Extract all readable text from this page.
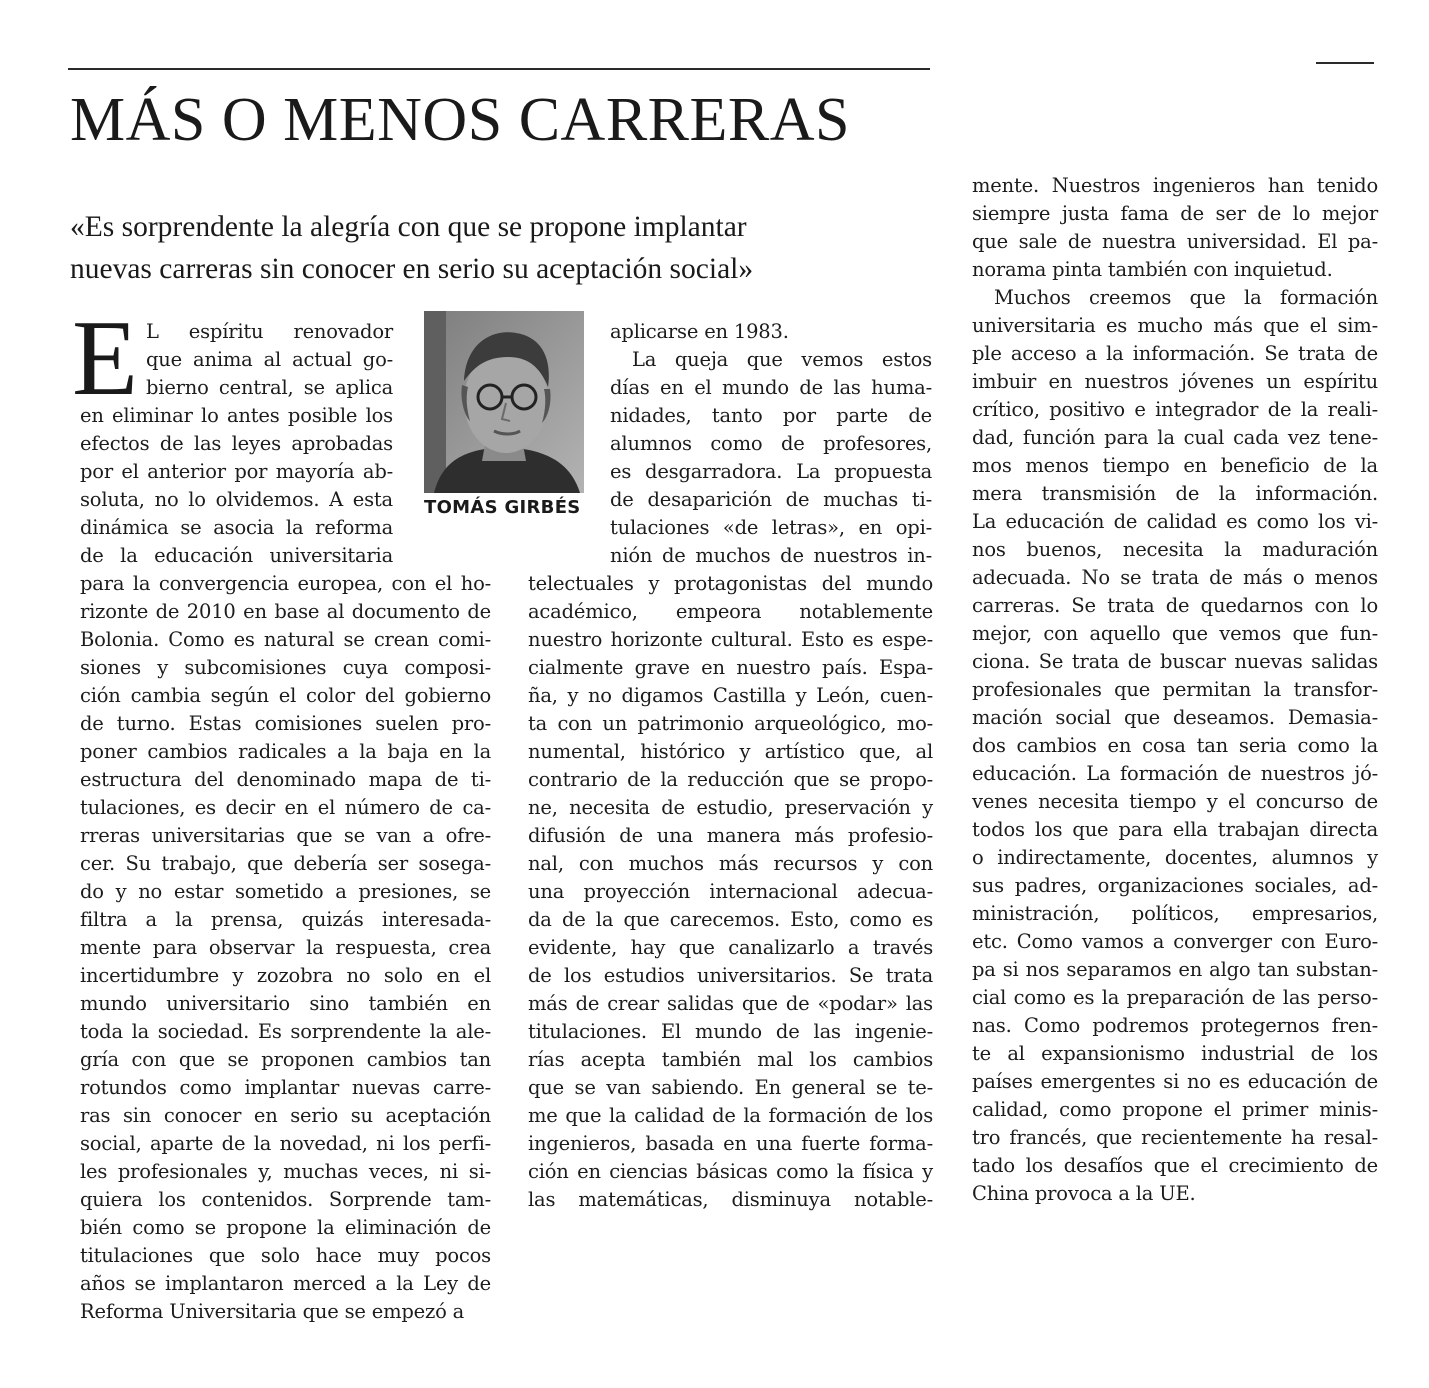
MÁS O MENOS CARRERAS
«Es sorprendente la alegría con que se propone implantar
nuevas carreras sin conocer en serio su aceptación social»
E L espíritu renovador
que anima al actual go-
bierno central, se aplica
en eliminar lo antes posible los
efectos de las leyes aprobadas
por el anterior por mayoría ab-
soluta, no lo olvidemos. A esta
dinámica se asocia la reforma
de la educación universitaria
para la convergencia europea, con el ho-
rizonte de 2010 en base al documento de
Bolonia. Como es natural se crean comi-
siones y subcomisiones cuya composi-
ción cambia según el color del gobierno
de turno. Estas comisiones suelen pro-
poner cambios radicales a la baja en la
estructura del denominado mapa de ti-
tulaciones, es decir en el número de ca-
rreras universitarias que se van a ofre-
cer. Su trabajo, que debería ser sosega-
do y no estar sometido a presiones, se
filtra a la prensa, quizás interesada-
mente para observar la respuesta, crea
incertidumbre y zozobra no solo en el
mundo universitario sino también en
toda la sociedad. Es sorprendente la ale-
gría con que se proponen cambios tan
rotundos como implantar nuevas carre-
ras sin conocer en serio su aceptación
social, aparte de la novedad, ni los perfi-
les profesionales y, muchas veces, ni si-
quiera los contenidos. Sorprende tam-
bién como se propone la eliminación de
titulaciones que solo hace muy pocos
años se implantaron merced a la Ley de
Reforma Universitaria que se empezó a
TOMÁS GIRBÉS
aplicarse en 1983.
La queja que vemos estos
días en el mundo de las huma-
nidades, tanto por parte de
alumnos como de profesores,
es desgarradora. La propuesta
de desaparición de muchas ti-
tulaciones «de letras», en opi-
nión de muchos de nuestros in-
telectuales y protagonistas del mundo
académico, empeora notablemente
nuestro horizonte cultural. Esto es espe-
cialmente grave en nuestro país. Espa-
ña, y no digamos Castilla y León, cuen-
ta con un patrimonio arqueológico, mo-
numental, histórico y artístico que, al
contrario de la reducción que se propo-
ne, necesita de estudio, preservación y
difusión de una manera más profesio-
nal, con muchos más recursos y con
una proyección internacional adecua-
da de la que carecemos. Esto, como es
evidente, hay que canalizarlo a través
de los estudios universitarios. Se trata
más de crear salidas que de «podar» las
titulaciones. El mundo de las ingenie-
rías acepta también mal los cambios
que se van sabiendo. En general se te-
me que la calidad de la formación de los
ingenieros, basada en una fuerte forma-
ción en ciencias básicas como la física y
las matemáticas, disminuya notable-
mente. Nuestros ingenieros han tenido
siempre justa fama de ser de lo mejor
que sale de nuestra universidad. El pa-
norama pinta también con inquietud.
Muchos creemos que la formación
universitaria es mucho más que el sim-
ple acceso a la información. Se trata de
imbuir en nuestros jóvenes un espíritu
crítico, positivo e integrador de la reali-
dad, función para la cual cada vez tene-
mos menos tiempo en beneficio de la
mera transmisión de la información.
La educación de calidad es como los vi-
nos buenos, necesita la maduración
adecuada. No se trata de más o menos
carreras. Se trata de quedarnos con lo
mejor, con aquello que vemos que fun-
ciona. Se trata de buscar nuevas salidas
profesionales que permitan la transfor-
mación social que deseamos. Demasia-
dos cambios en cosa tan seria como la
educación. La formación de nuestros jó-
venes necesita tiempo y el concurso de
todos los que para ella trabajan directa
o indirectamente, docentes, alumnos y
sus padres, organizaciones sociales, ad-
ministración, políticos, empresarios,
etc. Como vamos a converger con Euro-
pa si nos separamos en algo tan substan-
cial como es la preparación de las perso-
nas. Como podremos protegernos fren-
te al expansionismo industrial de los
países emergentes si no es educación de
calidad, como propone el primer minis-
tro francés, que recientemente ha resal-
tado los desafíos que el crecimiento de
China provoca a la UE.
